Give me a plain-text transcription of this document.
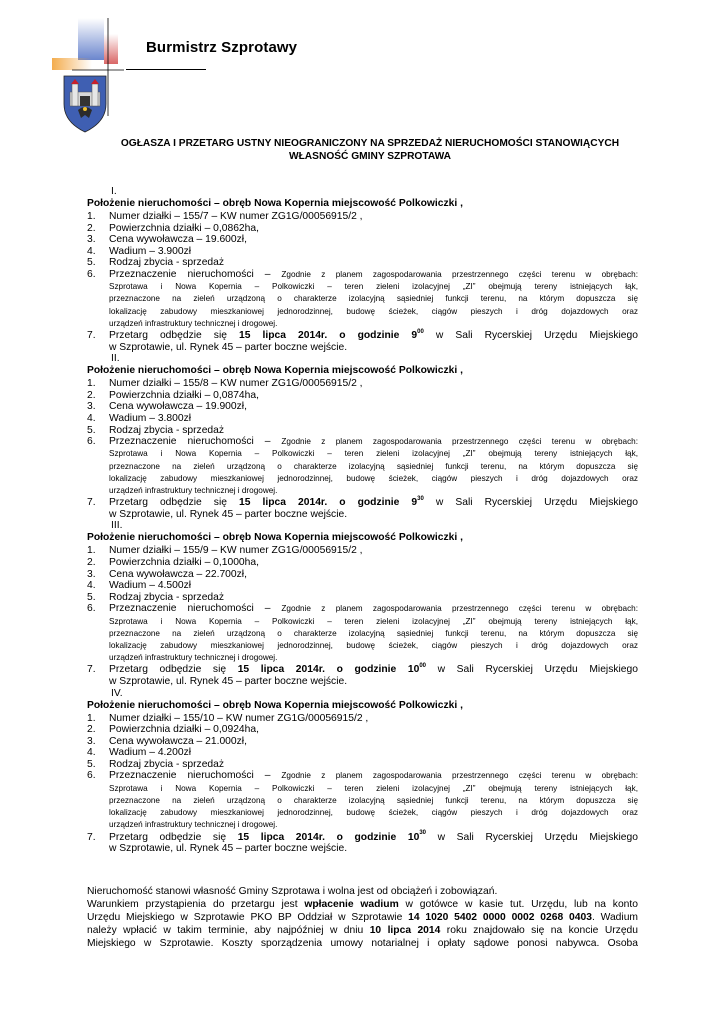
Burmistrz Szprotawy
OGŁASZA I PRZETARG USTNY NIEOGRANICZONY NA SPRZEDAŻ NIERUCHOMOŚCI STANOWIĄCYCH
WŁASNOŚĆ GMINY SZPROTAWA
I.
Położenie nieruchomości – obręb Nowa Kopernia miejscowość Polkowiczki ,
1. Numer działki – 155/7 – KW numer ZG1G/00056915/2 ,
2. Powierzchnia działki – 0,0862ha,
3. Cena wywoławcza – 19.600zł,
4. Wadium – 3.900zł
5. Rodzaj zbycia - sprzedaż
6. Przeznaczenie nieruchomości – Zgodnie z planem zagospodarowania przestrzennego części terenu w obrębach:
Szprotawa i Nowa Kopernia – Polkowiczki – teren zieleni izolacyjnej „ZI” obejmują tereny istniejących łąk,
przeznaczone na zieleń urządzoną o charakterze izolacyjną sąsiedniej funkcji terenu, na którym dopuszcza się
lokalizację zabudowy mieszkaniowej jednorodzinnej, budowę ścieżek, ciągów pieszych i dróg dojazdowych oraz
urządzeń infrastruktury technicznej i drogowej.
7. Przetarg odbędzie się 15 lipca 2014r. o godzinie $9^{00}$ w Sali Rycerskiej Urzędu Miejskiego
w Szprotawie, ul. Rynek 45 – parter boczne wejście.
II.
Położenie nieruchomości – obręb Nowa Kopernia miejscowość Polkowiczki ,
1. Numer działki – 155/8 – KW numer ZG1G/00056915/2 ,
2. Powierzchnia działki – 0,0874ha,
3. Cena wywoławcza – 19.900zł,
4. Wadium – 3.800zł
5. Rodzaj zbycia - sprzedaż
6. Przeznaczenie nieruchomości – Zgodnie z planem zagospodarowania przestrzennego części terenu w obrębach:
Szprotawa i Nowa Kopernia – Polkowiczki – teren zieleni izolacyjnej „ZI” obejmują tereny istniejących łąk,
przeznaczone na zieleń urządzoną o charakterze izolacyjną sąsiedniej funkcji terenu, na którym dopuszcza się
lokalizację zabudowy mieszkaniowej jednorodzinnej, budowę ścieżek, ciągów pieszych i dróg dojazdowych oraz
urządzeń infrastruktury technicznej i drogowej.
7. Przetarg odbędzie się 15 lipca 2014r. o godzinie $9^{30}$ w Sali Rycerskiej Urzędu Miejskiego
w Szprotawie, ul. Rynek 45 – parter boczne wejście.
III.
Położenie nieruchomości – obręb Nowa Kopernia miejscowość Polkowiczki ,
1. Numer działki – 155/9 – KW numer ZG1G/00056915/2 ,
2. Powierzchnia działki – 0,1000ha,
3. Cena wywoławcza – 22.700zł,
4. Wadium – 4.500zł
5. Rodzaj zbycia - sprzedaż
6. Przeznaczenie nieruchomości – Zgodnie z planem zagospodarowania przestrzennego części terenu w obrębach:
Szprotawa i Nowa Kopernia – Polkowiczki – teren zieleni izolacyjnej „ZI” obejmują tereny istniejących łąk,
przeznaczone na zieleń urządzoną o charakterze izolacyjną sąsiedniej funkcji terenu, na którym dopuszcza się
lokalizację zabudowy mieszkaniowej jednorodzinnej, budowę ścieżek, ciągów pieszych i dróg dojazdowych oraz
urządzeń infrastruktury technicznej i drogowej.
7. Przetarg odbędzie się 15 lipca 2014r. o godzinie $10^{00}$ w Sali Rycerskiej Urzędu Miejskiego
w Szprotawie, ul. Rynek 45 – parter boczne wejście.
IV.
Położenie nieruchomości – obręb Nowa Kopernia miejscowość Polkowiczki ,
1. Numer działki – 155/10 – KW numer ZG1G/00056915/2 ,
2. Powierzchnia działki – 0,0924ha,
3. Cena wywoławcza – 21.000zł,
4. Wadium – 4.200zł
5. Rodzaj zbycia - sprzedaż
6. Przeznaczenie nieruchomości – Zgodnie z planem zagospodarowania przestrzennego części terenu w obrębach:
Szprotawa i Nowa Kopernia – Polkowiczki – teren zieleni izolacyjnej „ZI” obejmują tereny istniejących łąk,
przeznaczone na zieleń urządzoną o charakterze izolacyjną sąsiedniej funkcji terenu, na którym dopuszcza się
lokalizację zabudowy mieszkaniowej jednorodzinnej, budowę ścieżek, ciągów pieszych i dróg dojazdowych oraz
urządzeń infrastruktury technicznej i drogowej.
7. Przetarg odbędzie się 15 lipca 2014r. o godzinie $10^{30}$ w Sali Rycerskiej Urzędu Miejskiego
w Szprotawie, ul. Rynek 45 – parter boczne wejście.
Nieruchomość stanowi własność Gminy Szprotawa i wolna jest od obciążeń i zobowiązań.
Warunkiem przystąpienia do przetargu jest wpłacenie wadium w gotówce w kasie tut. Urzędu, lub na konto
Urzędu Miejskiego w Szprotawie PKO BP Oddział w Szprotawie 14 1020 5402 0000 0002 0268 0403. Wadium
należy wpłacić w takim terminie, aby najpóźniej w dniu 10 lipca 2014 roku znajdowało się na koncie Urzędu
Miejskiego w Szprotawie. Koszty sporządzenia umowy notarialnej i opłaty sądowe ponosi nabywca. Osoba
